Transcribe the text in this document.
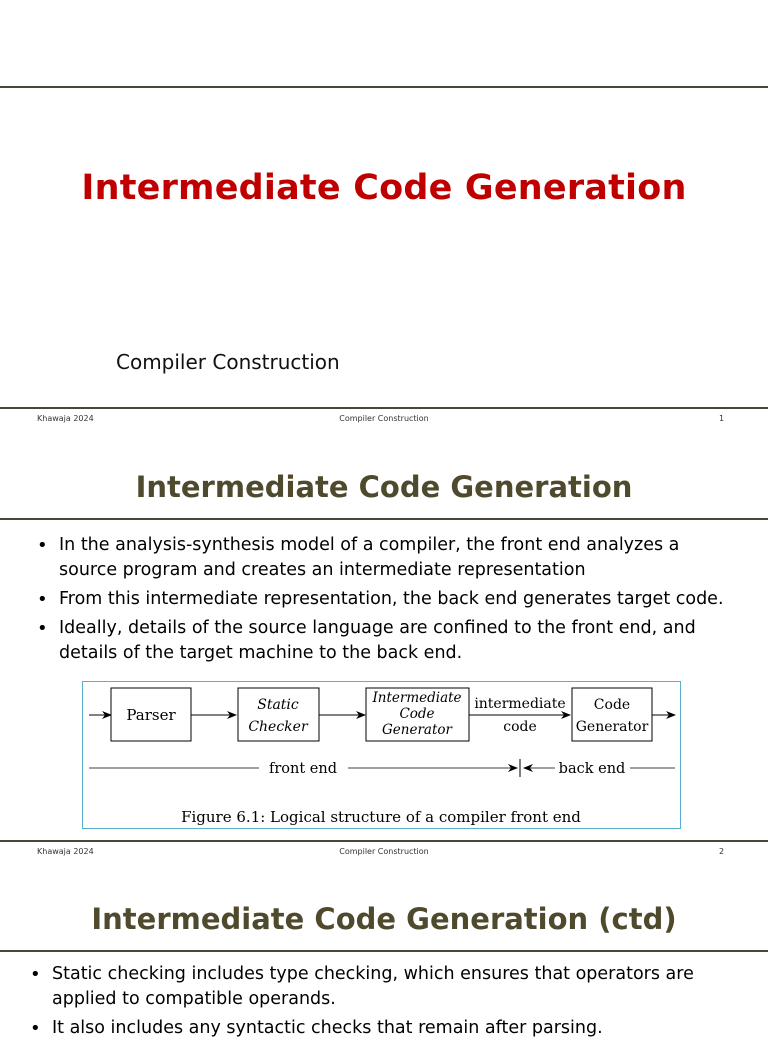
Intermediate Code Generation
Compiler Construction
Khawaja 2024	Compiler Construction	1
Intermediate Code Generation
• In the analysis-synthesis model of a compiler, the front end analyzes a source program and creates an intermediate representation
• From this intermediate representation, the back end generates target code.
• Ideally, details of the source language are confined to the front end, and details of the target machine to the back end.
Parser
Static
Checker
Intermediate
Code
Generator
Code
Generator
intermediate
code
front end	back end
Figure 6.1: Logical structure of a compiler front end
Khawaja 2024	Compiler Construction	2
Intermediate Code Generation (ctd)
• Static checking includes type checking, which ensures that operators are applied to compatible operands.
• It also includes any syntactic checks that remain after parsing.
